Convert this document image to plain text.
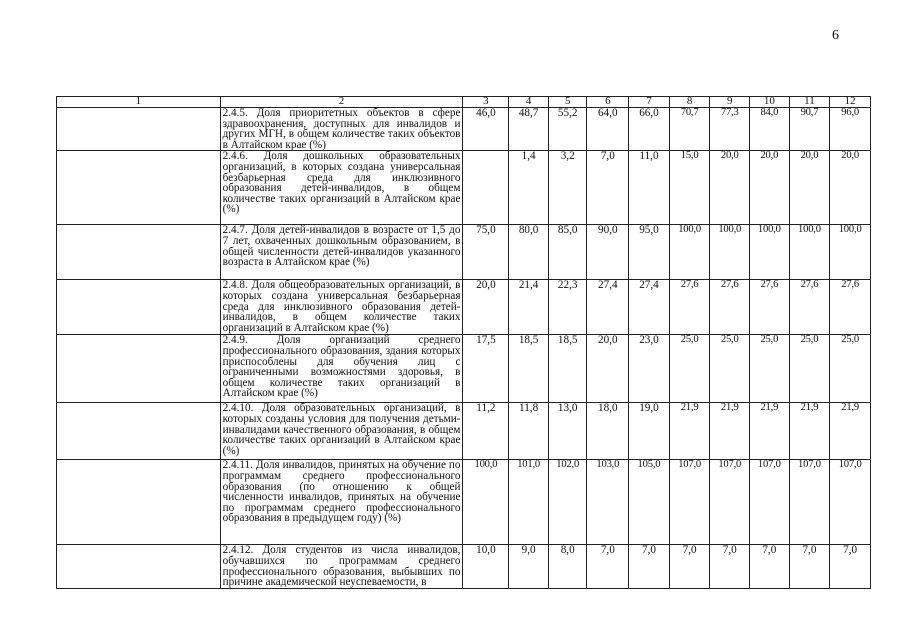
6
1	2	3	4	5	6	7	8	9	10	11	12
	2.4.5. Доля приоритетных объектов в сфере здравоохранения, доступных для инвалидов и других МГН, в общем количестве таких объектов в Алтайском крае (%)	46,0	48,7	55,2	64,0	66,0	70,7	77,3	84,0	90,7	96,0
	2.4.6. Доля дошкольных образовательных организаций, в которых создана универсальная безбарьерная среда для инклюзивного образования детей-инвалидов, в общем количестве таких организаций в Алтайском крае (%)		1,4	3,2	7,0	11,0	15,0	20,0	20,0	20,0	20,0
	2.4.7. Доля детей-инвалидов в возрасте от 1,5 до 7 лет, охваченных дошкольным образованием, в общей численности детей-инвалидов указанного возраста в Алтайском крае (%)	75,0	80,0	85,0	90,0	95,0	100,0	100,0	100,0	100,0	100,0
	2.4.8. Доля общеобразовательных организаций, в которых создана универсальная безбарьерная среда для инклюзивного образования детей-инвалидов, в общем количестве таких организаций в Алтайском крае (%)	20,0	21,4	22,3	27,4	27,4	27,6	27,6	27,6	27,6	27,6
	2.4.9. Доля организаций среднего профессионального образования, здания которых приспособлены для обучения лиц с ограниченными возможностями здоровья, в общем количестве таких организаций в Алтайском крае (%)	17,5	18,5	18,5	20,0	23,0	25,0	25,0	25,0	25,0	25,0
	2.4.10. Доля образовательных организаций, в которых созданы условия для получения детьми-инвалидами качественного образования, в общем количестве таких организаций в Алтайском крае (%)	11,2	11,8	13,0	18,0	19,0	21,9	21,9	21,9	21,9	21,9
	2.4.11. Доля инвалидов, принятых на обучение по программам среднего профессионального образования (по отношению к общей численности инвалидов, принятых на обучение по программам среднего профессионального образования в предыдущем году) (%)	100,0	101,0	102,0	103,0	105,0	107,0	107,0	107,0	107,0	107,0
	2.4.12. Доля студентов из числа инвалидов, обучавшихся по программам среднего профессионального образования, выбывших по причине академической неуспеваемости, в	10,0	9,0	8,0	7,0	7,0	7,0	7,0	7,0	7,0	7,0
